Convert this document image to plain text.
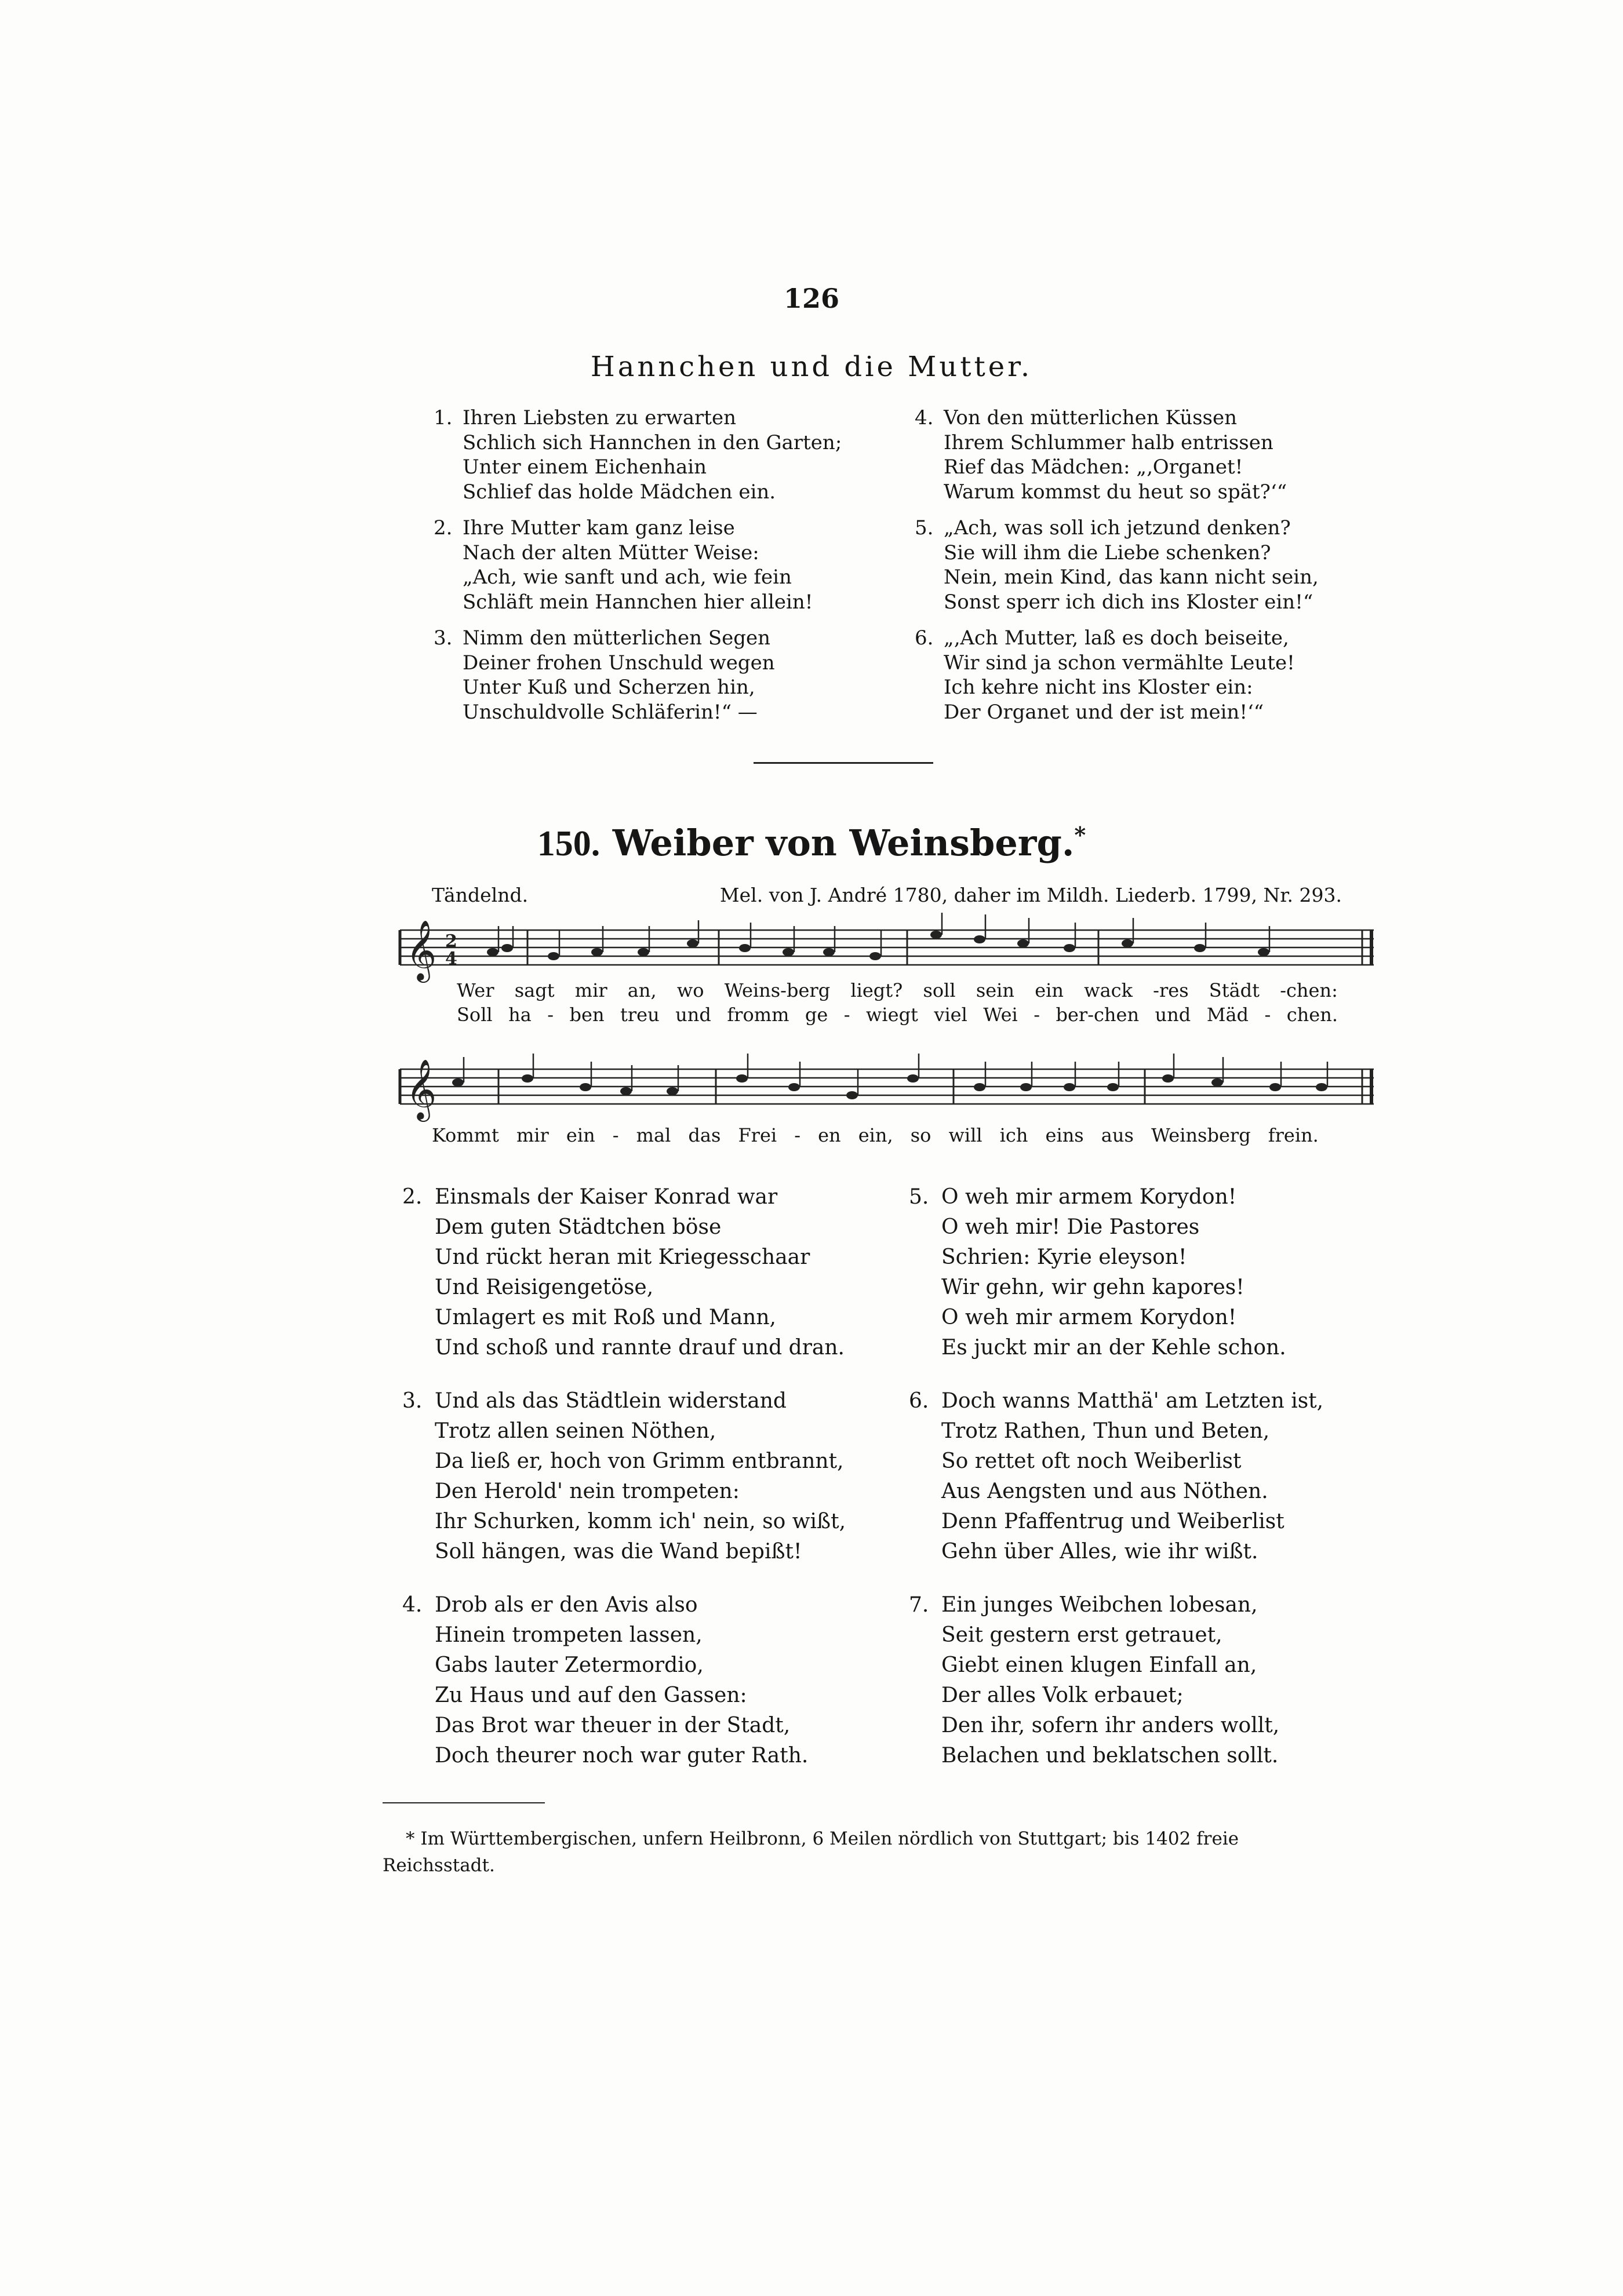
126
Hannchen und die Mutter.
1. Ihren Liebsten zu erwarten
Schlich sich Hannchen in den Garten;
Unter einem Eichenhain
Schlief das holde Mädchen ein.
2. Ihre Mutter kam ganz leise
Nach der alten Mütter Weise:
„Ach, wie sanft und ach, wie fein
Schläft mein Hannchen hier allein!
3. Nimm den mütterlichen Segen
Deiner frohen Unschuld wegen
Unter Kuß und Scherzen hin,
Unschuldvolle Schläferin!“ —
4. Von den mütterlichen Küssen
Ihrem Schlummer halb entrissen
Rief das Mädchen: „‚Organet!
Warum kommst du heut so spät?‘“
5. „Ach, was soll ich jetzund denken?
Sie will ihm die Liebe schenken?
Nein, mein Kind, das kann nicht sein,
Sonst sperr ich dich ins Kloster ein!“
6. „‚Ach Mutter, laß es doch beiseite,
Wir sind ja schon vermählte Leute!
Ich kehre nicht ins Kloster ein:
Der Organet und der ist mein!‘“
150. Weiber von Weinsberg.*
Tändelnd.	Mel. von J. André 1780, daher im Mildh. Liederb. 1799, Nr. 293.
𝄞 2
4
Wer sagt mir an, wo Weins-berg liegt? soll sein ein wack -res Städt -chen:
Soll ha - ben treu und fromm ge - wiegt viel Wei - ber-chen und Mäd - chen.
𝄞
Kommt mir ein - mal das Frei - en ein, so will ich eins aus Weinsberg frein.
2. Einsmals der Kaiser Konrad war
Dem guten Städtchen böse
Und rückt heran mit Kriegesschaar
Und Reisigengetöse,
Umlagert es mit Roß und Mann,
Und schoß und rannte drauf und dran.
3. Und als das Städtlein widerstand
Trotz allen seinen Nöthen,
Da ließ er, hoch von Grimm entbrannt,
Den Herold' nein trompeten:
Ihr Schurken, komm ich' nein, so wißt,
Soll hängen, was die Wand bepißt!
4. Drob als er den Avis also
Hinein trompeten lassen,
Gabs lauter Zetermordio,
Zu Haus und auf den Gassen:
Das Brot war theuer in der Stadt,
Doch theurer noch war guter Rath.
5. O weh mir armem Korydon!
O weh mir! Die Pastores
Schrien: Kyrie eleyson!
Wir gehn, wir gehn kapores!
O weh mir armem Korydon!
Es juckt mir an der Kehle schon.
6. Doch wanns Matthä' am Letzten ist,
Trotz Rathen, Thun und Beten,
So rettet oft noch Weiberlist
Aus Aengsten und aus Nöthen.
Denn Pfaffentrug und Weiberlist
Gehn über Alles, wie ihr wißt.
7. Ein junges Weibchen lobesan,
Seit gestern erst getrauet,
Giebt einen klugen Einfall an,
Der alles Volk erbauet;
Den ihr, sofern ihr anders wollt,
Belachen und beklatschen sollt.
* Im Württembergischen, unfern Heilbronn, 6 Meilen nördlich von Stuttgart; bis 1402 freie
Reichsstadt.
